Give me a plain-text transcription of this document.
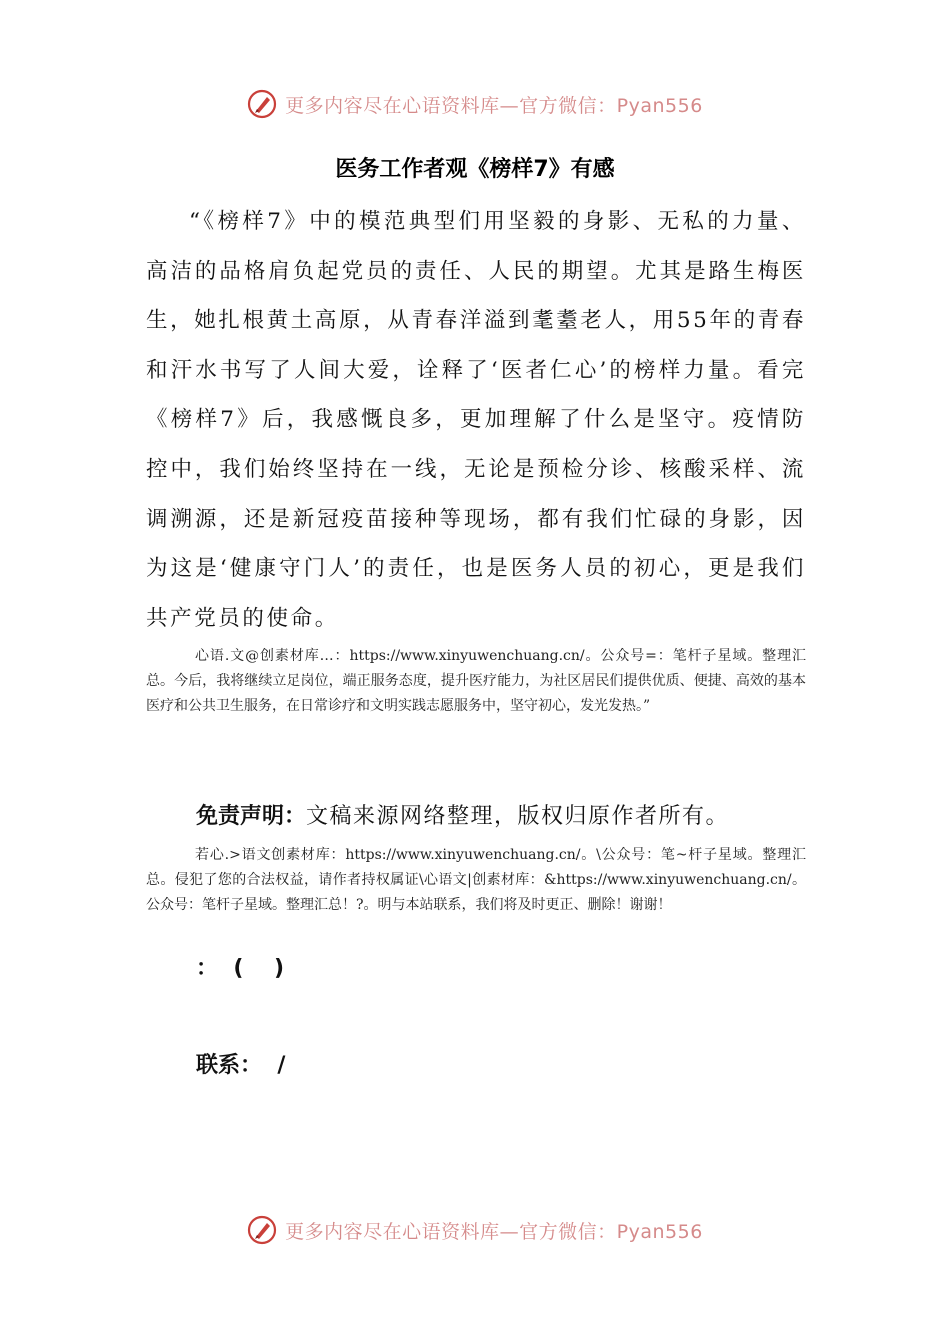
更多内容尽在心语资料库—官方微信：Pyan556
医务工作者观《榜样7》有感

“《榜样7》中的模范典型们用坚毅的身影、无私的力量、高洁的品格肩负起党员的责任、人民的期望。尤其是路生梅医生，她扎根黄土高原，从青春洋溢到耄耋老人，用55年的青春和汗水书写了人间大爱，诠释了‘医者仁心’的榜样力量。看完《榜样7》后，我感慨良多，更加理解了什么是坚守。疫情防控中，我们始终坚持在一线，无论是预检分诊、核酸采样、流调溯源，还是新冠疫苗接种等现场，都有我们忙碌的身影，因为这是‘健康守门人’的责任，也是医务人员的初心，更是我们共产党员的使命。

心语.文@创素材库…：https://www.xinyuwenchuang.cn/。公众号=：笔杆子星域。整理汇总。今后，我将继续立足岗位，端正服务态度，提升医疗能力，为社区居民们提供优质、便捷、高效的基本医疗和公共卫生服务，在日常诊疗和文明实践志愿服务中，坚守初心，发光发热。”

免责声明：文稿来源网络整理，版权归原作者所有。

若心.>语文创素材库：https://www.xinyuwenchuang.cn/。\公众号：笔~杆子星域。整理汇总。侵犯了您的合法权益，请作者持权属证\心语文|创素材库：&https://www.xinyuwenchuang.cn/。公众号：笔杆子星域。整理汇总！?。明与本站联系，我们将及时更正、删除！谢谢！

：  (    )
联系：  /
更多内容尽在心语资料库—官方微信：Pyan556
